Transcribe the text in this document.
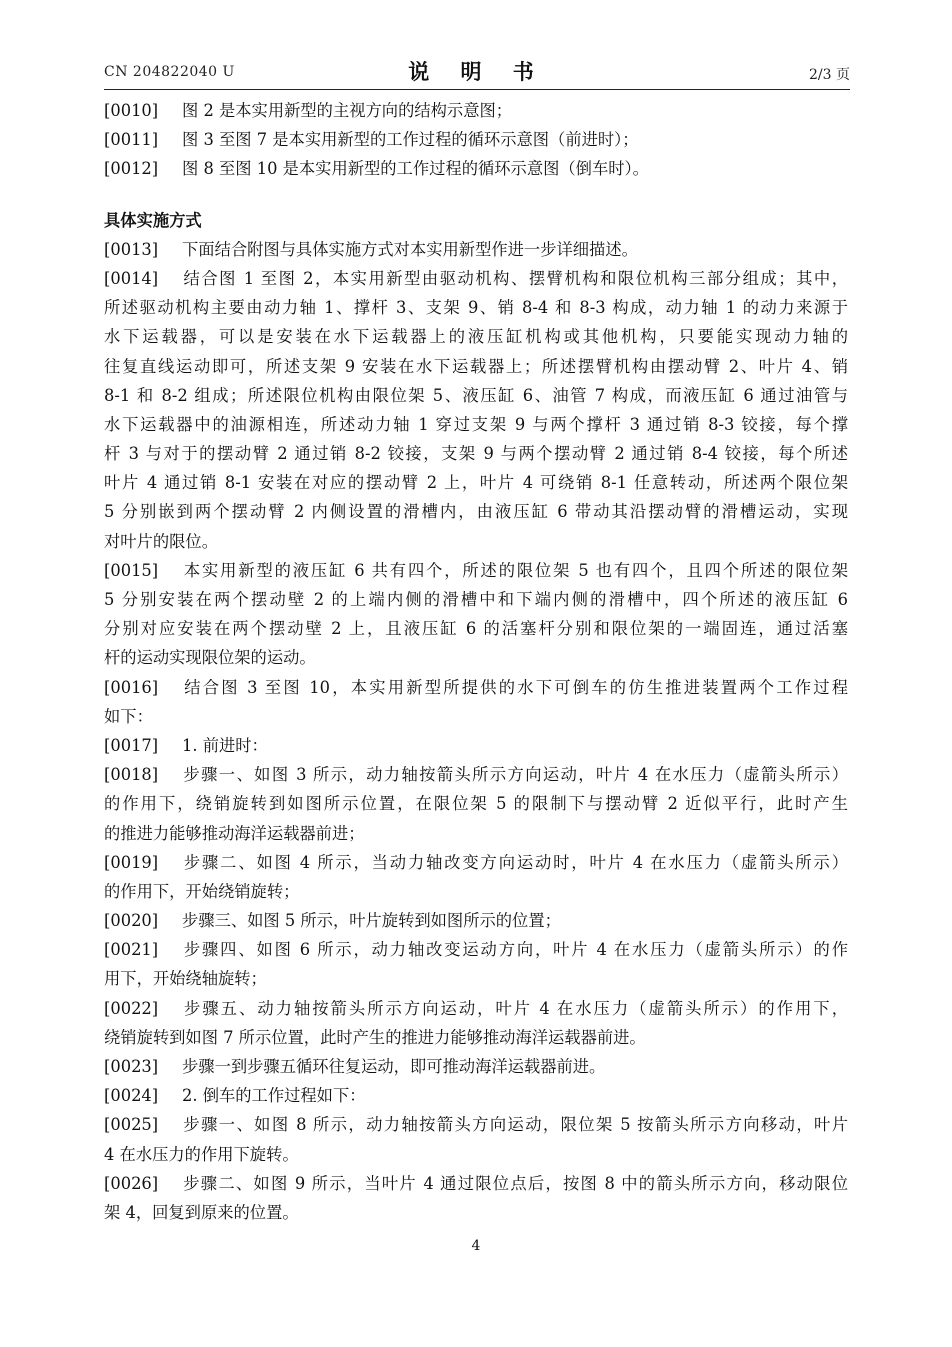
CN 204822040 U	说 明 书	2/3 页
[0010] 图 2 是本实用新型的主视方向的结构示意图；
[0011] 图 3 至图 7 是本实用新型的工作过程的循环示意图（前进时）；
[0012] 图 8 至图 10 是本实用新型的工作过程的循环示意图（倒车时）。
具体实施方式
[0013] 下面结合附图与具体实施方式对本实用新型作进一步详细描述。
[0014] 结合图 1 至图 2，本实用新型由驱动机构、摆臂机构和限位机构三部分组成；其中，
所述驱动机构主要由动力轴 1、撑杆 3、支架 9、销 8-4 和 8-3 构成，动力轴 1 的动力来源于
水下运载器，可以是安装在水下运载器上的液压缸机构或其他机构，只要能实现动力轴的
往复直线运动即可，所述支架 9 安装在水下运载器上；所述摆臂机构由摆动臂 2、叶片 4、销
8-1 和 8-2 组成；所述限位机构由限位架 5、液压缸 6、油管 7 构成，而液压缸 6 通过油管与
水下运载器中的油源相连，所述动力轴 1 穿过支架 9 与两个撑杆 3 通过销 8-3 铰接，每个撑
杆 3 与对于的摆动臂 2 通过销 8-2 铰接，支架 9 与两个摆动臂 2 通过销 8-4 铰接，每个所述
叶片 4 通过销 8-1 安装在对应的摆动臂 2 上，叶片 4 可绕销 8-1 任意转动，所述两个限位架
5 分别嵌到两个摆动臂 2 内侧设置的滑槽内，由液压缸 6 带动其沿摆动臂的滑槽运动，实现
对叶片的限位。
[0015] 本实用新型的液压缸 6 共有四个，所述的限位架 5 也有四个，且四个所述的限位架
5 分别安装在两个摆动壁 2 的上端内侧的滑槽中和下端内侧的滑槽中，四个所述的液压缸 6
分别对应安装在两个摆动壁 2 上，且液压缸 6 的活塞杆分别和限位架的一端固连，通过活塞
杆的运动实现限位架的运动。
[0016] 结合图 3 至图 10，本实用新型所提供的水下可倒车的仿生推进装置两个工作过程
如下：
[0017] 1. 前进时：
[0018] 步骤一、如图 3 所示，动力轴按箭头所示方向运动，叶片 4 在水压力（虚箭头所示）
的作用下，绕销旋转到如图所示位置，在限位架 5 的限制下与摆动臂 2 近似平行，此时产生
的推进力能够推动海洋运载器前进；
[0019] 步骤二、如图 4 所示，当动力轴改变方向运动时，叶片 4 在水压力（虚箭头所示）
的作用下，开始绕销旋转；
[0020] 步骤三、如图 5 所示，叶片旋转到如图所示的位置；
[0021] 步骤四、如图 6 所示，动力轴改变运动方向，叶片 4 在水压力（虚箭头所示）的作
用下，开始绕轴旋转；
[0022] 步骤五、动力轴按箭头所示方向运动，叶片 4 在水压力（虚箭头所示）的作用下，
绕销旋转到如图 7 所示位置，此时产生的推进力能够推动海洋运载器前进。
[0023] 步骤一到步骤五循环往复运动，即可推动海洋运载器前进。
[0024] 2. 倒车的工作过程如下：
[0025] 步骤一、如图 8 所示，动力轴按箭头方向运动，限位架 5 按箭头所示方向移动，叶片
4 在水压力的作用下旋转。
[0026] 步骤二、如图 9 所示，当叶片 4 通过限位点后，按图 8 中的箭头所示方向，移动限位
架 4，回复到原来的位置。
4
